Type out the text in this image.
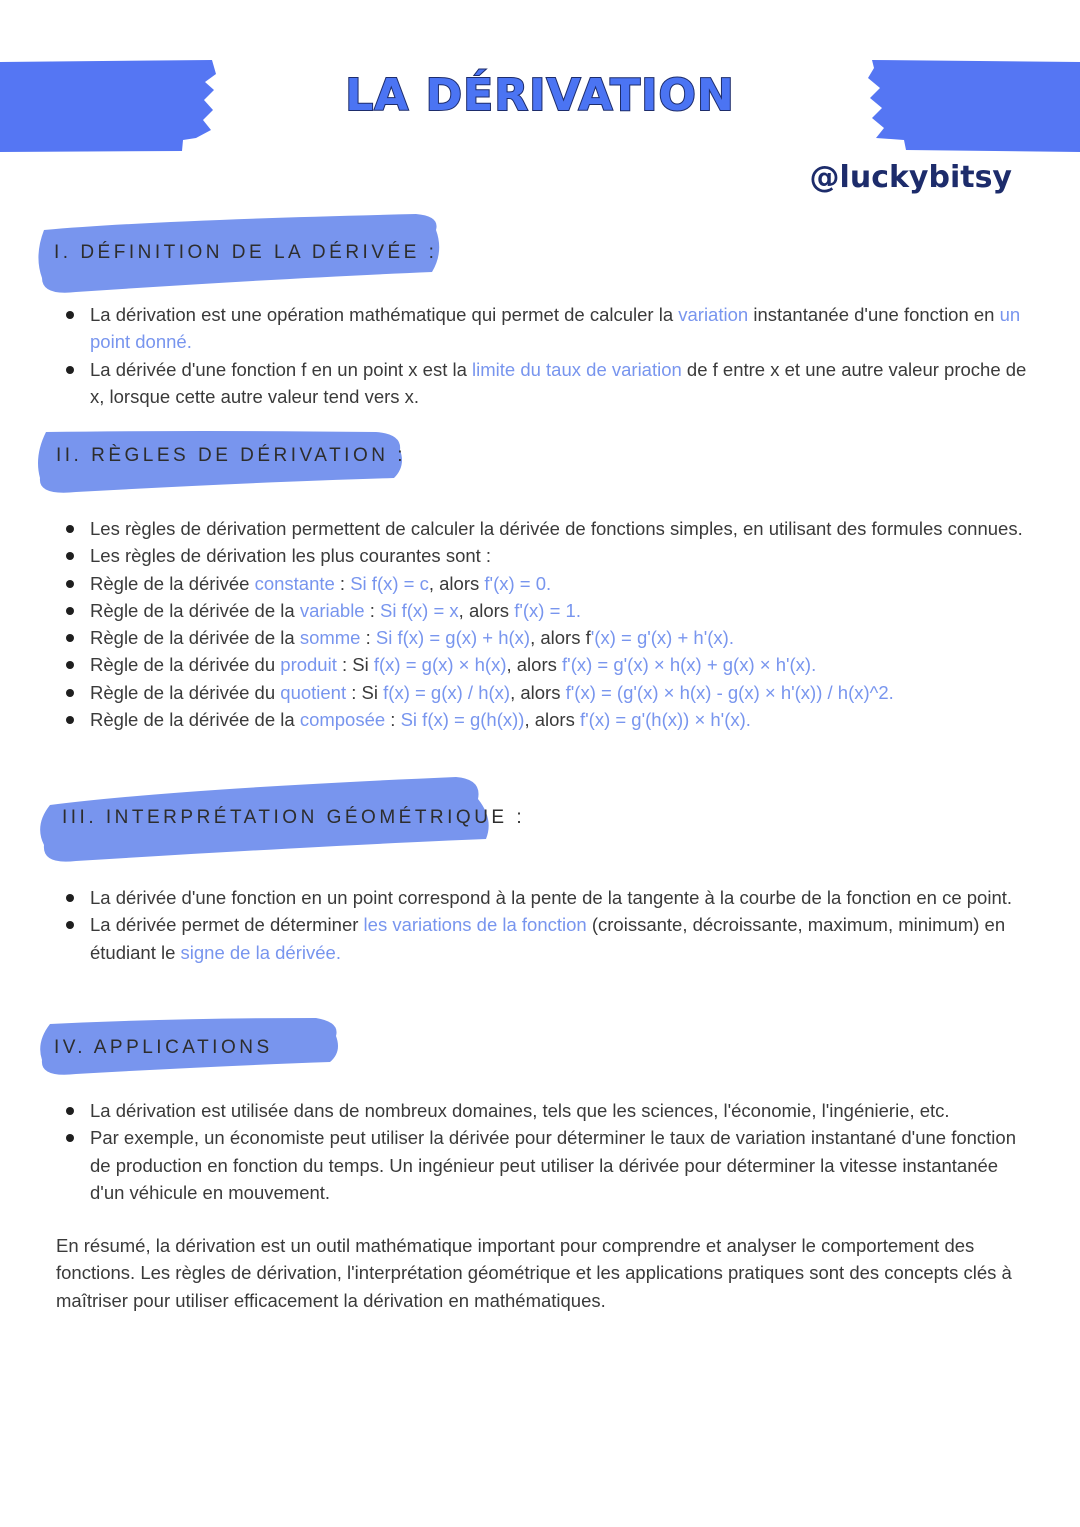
LA DÉRIVATION
@luckybitsy
I. DÉFINITION DE LA DÉRIVÉE :
La dérivation est une opération mathématique qui permet de calculer la variation instantanée d'une fonction en un point donné.
La dérivée d'une fonction f en un point x est la limite du taux de variation de f entre x et une autre valeur proche de x, lorsque cette autre valeur tend vers x.
II. RÈGLES DE DÉRIVATION :
Les règles de dérivation permettent de calculer la dérivée de fonctions simples, en utilisant des formules connues.
Les règles de dérivation les plus courantes sont :
Règle de la dérivée constante : Si f(x) = c, alors f'(x) = 0.
Règle de la dérivée de la variable : Si f(x) = x, alors f'(x) = 1.
Règle de la dérivée de la somme : Si f(x) = g(x) + h(x), alors f'(x) = g'(x) + h'(x).
Règle de la dérivée du produit : Si f(x) = g(x) × h(x), alors f'(x) = g'(x) × h(x) + g(x) × h'(x).
Règle de la dérivée du quotient : Si f(x) = g(x) / h(x), alors f'(x) = (g'(x) × h(x) - g(x) × h'(x)) / h(x)^2.
Règle de la dérivée de la composée : Si f(x) = g(h(x)), alors f'(x) = g'(h(x)) × h'(x).
III. INTERPRÉTATION GÉOMÉTRIQUE :
La dérivée d'une fonction en un point correspond à la pente de la tangente à la courbe de la fonction en ce point.
La dérivée permet de déterminer les variations de la fonction (croissante, décroissante, maximum, minimum) en étudiant le signe de la dérivée.
IV. APPLICATIONS
La dérivation est utilisée dans de nombreux domaines, tels que les sciences, l'économie, l'ingénierie, etc.
Par exemple, un économiste peut utiliser la dérivée pour déterminer le taux de variation instantané d'une fonction de production en fonction du temps. Un ingénieur peut utiliser la dérivée pour déterminer la vitesse instantanée d'un véhicule en mouvement.

En résumé, la dérivation est un outil mathématique important pour comprendre et analyser le comportement des fonctions. Les règles de dérivation, l'interprétation géométrique et les applications pratiques sont des concepts clés à maîtriser pour utiliser efficacement la dérivation en mathématiques.
